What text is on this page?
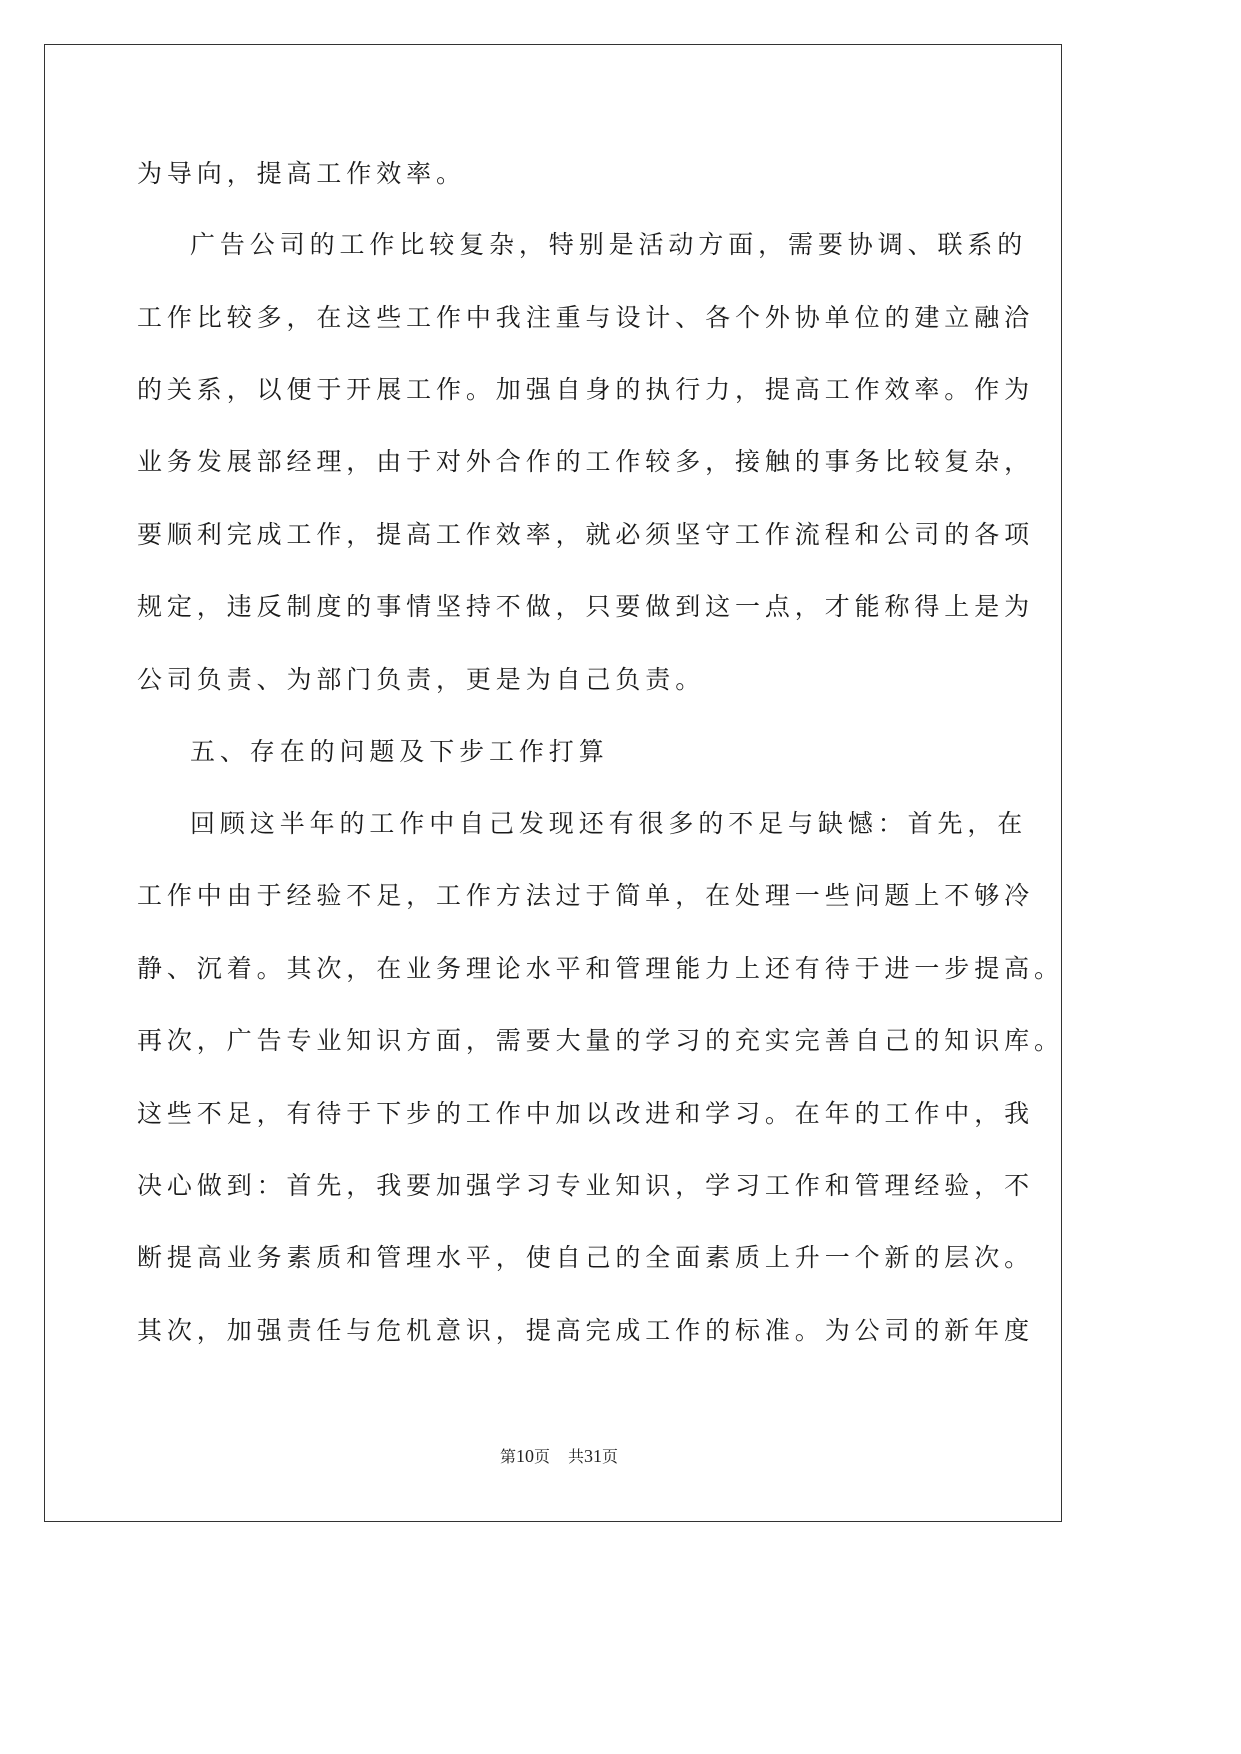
为导向，提高工作效率。
广告公司的工作比较复杂，特别是活动方面，需要协调、联系的
工作比较多，在这些工作中我注重与设计、各个外协单位的建立融洽
的关系，以便于开展工作。加强自身的执行力，提高工作效率。作为
业务发展部经理，由于对外合作的工作较多，接触的事务比较复杂，
要顺利完成工作，提高工作效率，就必须坚守工作流程和公司的各项
规定，违反制度的事情坚持不做，只要做到这一点，才能称得上是为
公司负责、为部门负责，更是为自己负责。
五、存在的问题及下步工作打算
回顾这半年的工作中自己发现还有很多的不足与缺憾：首先，在
工作中由于经验不足，工作方法过于简单，在处理一些问题上不够冷
静、沉着。其次，在业务理论水平和管理能力上还有待于进一步提高。
再次，广告专业知识方面，需要大量的学习的充实完善自己的知识库。
这些不足，有待于下步的工作中加以改进和学习。在年的工作中，我
决心做到：首先，我要加强学习专业知识，学习工作和管理经验，不
断提高业务素质和管理水平，使自己的全面素质上升一个新的层次。
其次，加强责任与危机意识，提高完成工作的标准。为公司的新年度
第10页 共31页
